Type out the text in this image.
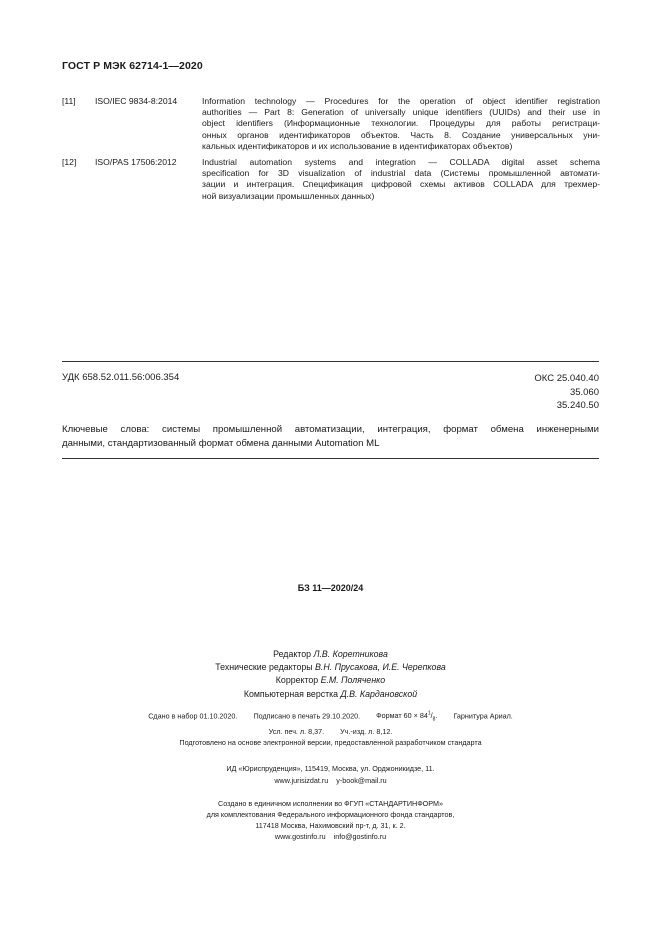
ГОСТ Р МЭК 62714-1—2020
[11] ISO/IEC 9834-8:2014	Information technology — Procedures for the operation of object identifier registration
authorities — Part 8: Generation of universally unique identifiers (UUIDs) and their use in
object identifiers (Информационные технологии. Процедуры для работы регистраци-
онных органов идентификаторов объектов. Часть 8. Создание универсальных уни-
кальных идентификаторов и их использование в идентификаторах объектов)
[12] ISO/PAS 17506:2012	Industrial automation systems and integration — COLLADA digital asset schema
specification for 3D visualization of industrial data (Системы промышленной автомати-
зации и интеграция. Спецификация цифровой схемы активов COLLADA для трехмер-
ной визуализации промышленных данных)
УДК 658.52.011.56:006.354	ОКС 25.040.40
35.060
35.240.50
Ключевые слова: системы промышленной автоматизации, интеграция, формат обмена инженерными
данными, стандартизованный формат обмена данными Automation ML
БЗ 11—2020/24
Редактор Л.В. Коретникова
Технические редакторы В.Н. Прусакова, И.Е. Черепкова
Корректор Е.М. Поляченко
Компьютерная верстка Д.В. Кардановской
Сдано в набор 01.10.2020. Подписано в печать 29.10.2020. Формат $60 \times 84^1/_8$. Гарнитура Ариал.
Усл. печ. л. 8,37. Уч.-изд. л. 8,12.
Подготовлено на основе электронной версии, предоставленной разработчиком стандарта
ИД «Юриспруденция», 115419, Москва, ул. Орджоникидзе, 11.
www.jurisizdat.ru y-book@mail.ru
Создано в единичном исполнении во ФГУП «СТАНДАРТИНФОРМ»
для комплектования Федерального информационного фонда стандартов,
117418 Москва, Нахимовский пр-т, д. 31, к. 2.
www.gostinfo.ru info@gostinfo.ru
